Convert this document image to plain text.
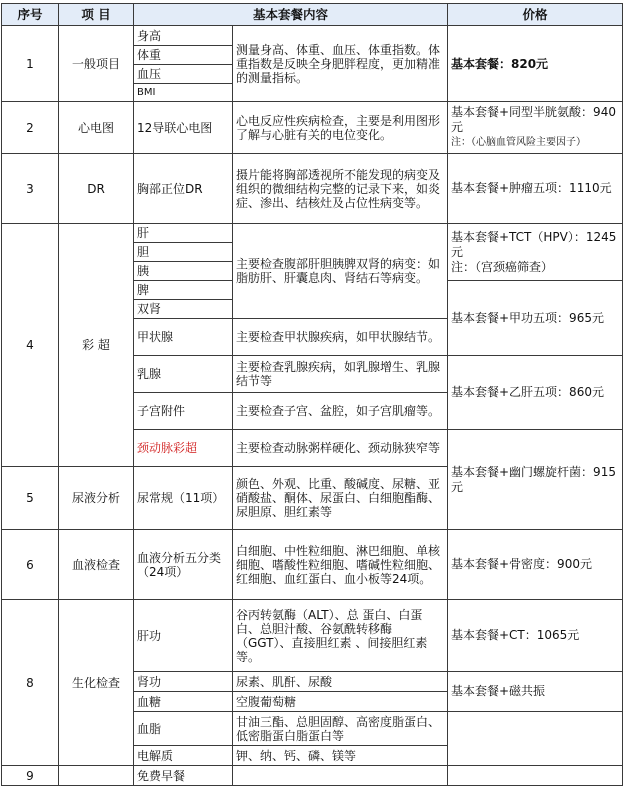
序号	项 目	基本套餐内容		价格
1	一般项目	身高	测量身高、体重、血压、体重指数。体重指数是反映全身肥胖程度，更加精准的测量指标。	基本套餐：820元
		体重		
		血压		
		BMI		
2	心电图	12导联心电图	心电反应性疾病检查，主要是利用图形了解与心脏有关的电位变化。	基本套餐+同型半胱氨酸：940元
注：（心脑血管风险主要因子）

3	DR	胸部正位DR	摄片能将胸部透视所不能发现的病变及组织的微细结构完整的记录下来，如炎症、渗出、结核灶及占位性病变等。	基本套餐+肿瘤五项：1110元
4	彩 超	肝	主要检查腹部肝胆胰脾双肾的病变：如脂肪肝、肝囊息肉、肾结石等病变。	基本套餐+TCT（HPV）：1245元
注：（宫颈癌筛查）

		胆		
		胰		
		脾		基本套餐+甲功五项：965元
		双肾		
		甲状腺	主要检查甲状腺疾病，如甲状腺结节。	
		乳腺	主要检查乳腺疾病，如乳腺增生、乳腺结节等	基本套餐+乙肝五项：860元
		子宫附件	主要检查子宫、盆腔，如子宫肌瘤等。	
		颈动脉彩超	主要检查动脉粥样硬化、颈动脉狭窄等	基本套餐+幽门螺旋杆菌：915元
5	尿液分析	尿常规（11项）	颜色、外观、比重、酸碱度、尿糖、亚硝酸盐、酮体、尿蛋白、白细胞酯酶、尿胆原、胆红素等	
6	血液检查	血液分析五分类（24项）	白细胞、中性粒细胞、淋巴细胞、单核细胞、嗜酸性粒细胞、嗜碱性粒细胞、红细胞、血红蛋白、血小板等24项。	基本套餐+骨密度：900元
8	生化检查	肝功	谷丙转氨酶（ALT）、总 蛋白、白蛋白、总胆汁酸、谷氨酰转移酶（GGT）、直接胆红素 、间接胆红素等。	基本套餐+CT：1065元
		肾功	尿素、肌酐、尿酸	基本套餐+磁共振
		血糖	空腹葡萄糖	
		血脂	甘油三酯、总胆固醇、高密度脂蛋白、低密脂蛋白脂蛋白等	
		电解质	钾、纳、钙、磷、镁等	
9		免费早餐		
